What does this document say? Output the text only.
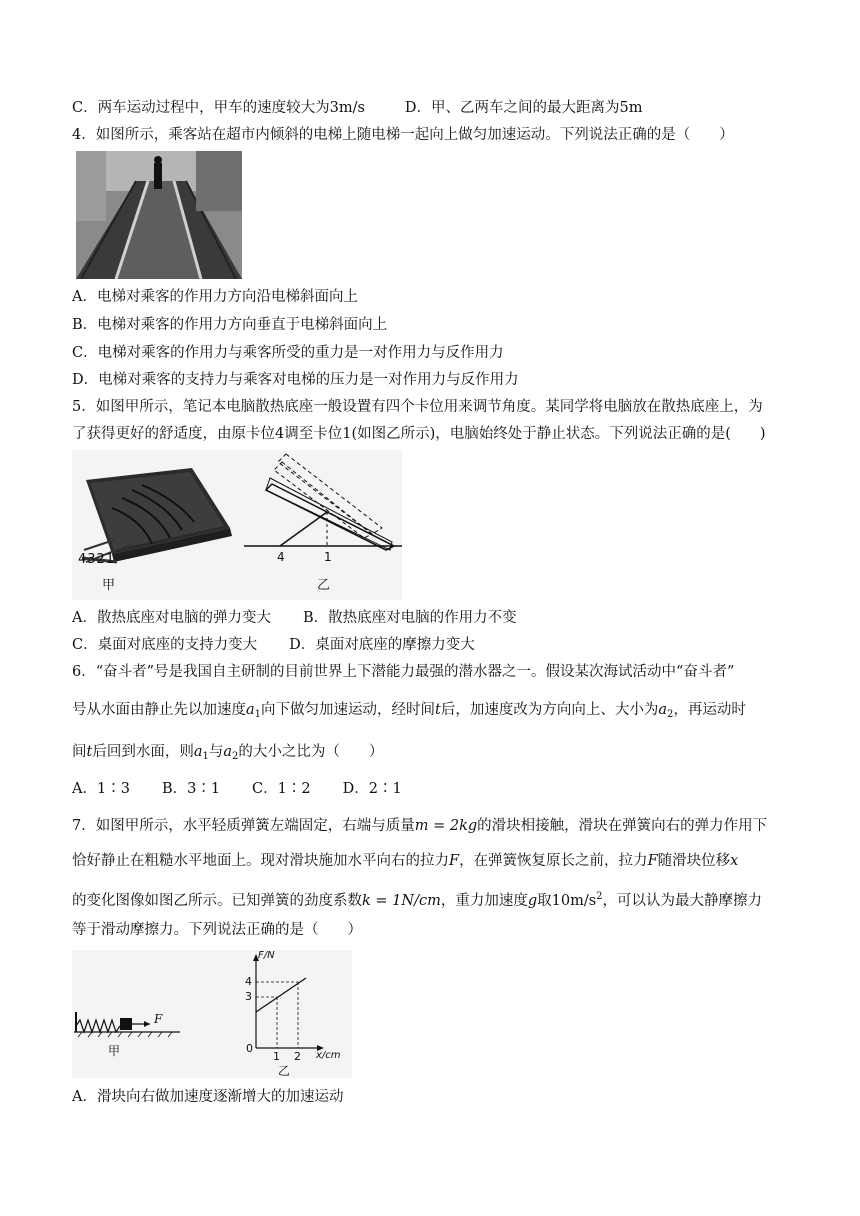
C．两车运动过程中，甲车的速度较大为3m/s	D．甲、乙两车之间的最大距离为5m
4．如图所示，乘客站在超市内倾斜的电梯上随电梯一起向上做匀加速运动。下列说法正确的是（　　）
A．电梯对乘客的作用力方向沿电梯斜面向上
B．电梯对乘客的作用力方向垂直于电梯斜面向上
C．电梯对乘客的作用力与乘客所受的重力是一对作用力与反作用力
D．电梯对乘客的支持力与乘客对电梯的压力是一对作用力与反作用力
5．如图甲所示，笔记本电脑散热底座一般设置有四个卡位用来调节角度。某同学将电脑放在散热底座上，为
了获得更好的舒适度，由原卡位4调至卡位1(如图乙所示)，电脑始终处于静止状态。下列说法正确的是(　　)
4321
甲
4	1
乙
A．散热底座对电脑的弹力变大 B．散热底座对电脑的作用力不变
C．桌面对底座的支持力变大 D．桌面对底座的摩擦力变大
6．“奋斗者”号是我国自主研制的目前世界上下潜能力最强的潜水器之一。假设某次海试活动中“奋斗者”
号从水面由静止先以加速度$a_1$向下做匀加速运动，经时间t后，加速度改为方向向上、大小为$a_2$，再运动时
间t后回到水面，则$a_1$与$a_2$的大小之比为（　　）
A．1∶3 B．3∶1 C．1∶2 D．2∶1
7．如图甲所示，水平轻质弹簧左端固定，右端与质量m = 2kg的滑块相接触，滑块在弹簧向右的弹力作用下
恰好静止在粗糙水平地面上。现对滑块施加水平向右的拉力F，在弹簧恢复原长之前，拉力F随滑块位移x
的变化图像如图乙所示。已知弹簧的劲度系数k = 1N/cm，重力加速度g取$10m/s^2$，可以认为最大静摩擦力
等于滑动摩擦力。下列说法正确的是（　　）
F
甲
F/N
4
3
0
1 2 x/cm
乙
A．滑块向右做加速度逐渐增大的加速运动
